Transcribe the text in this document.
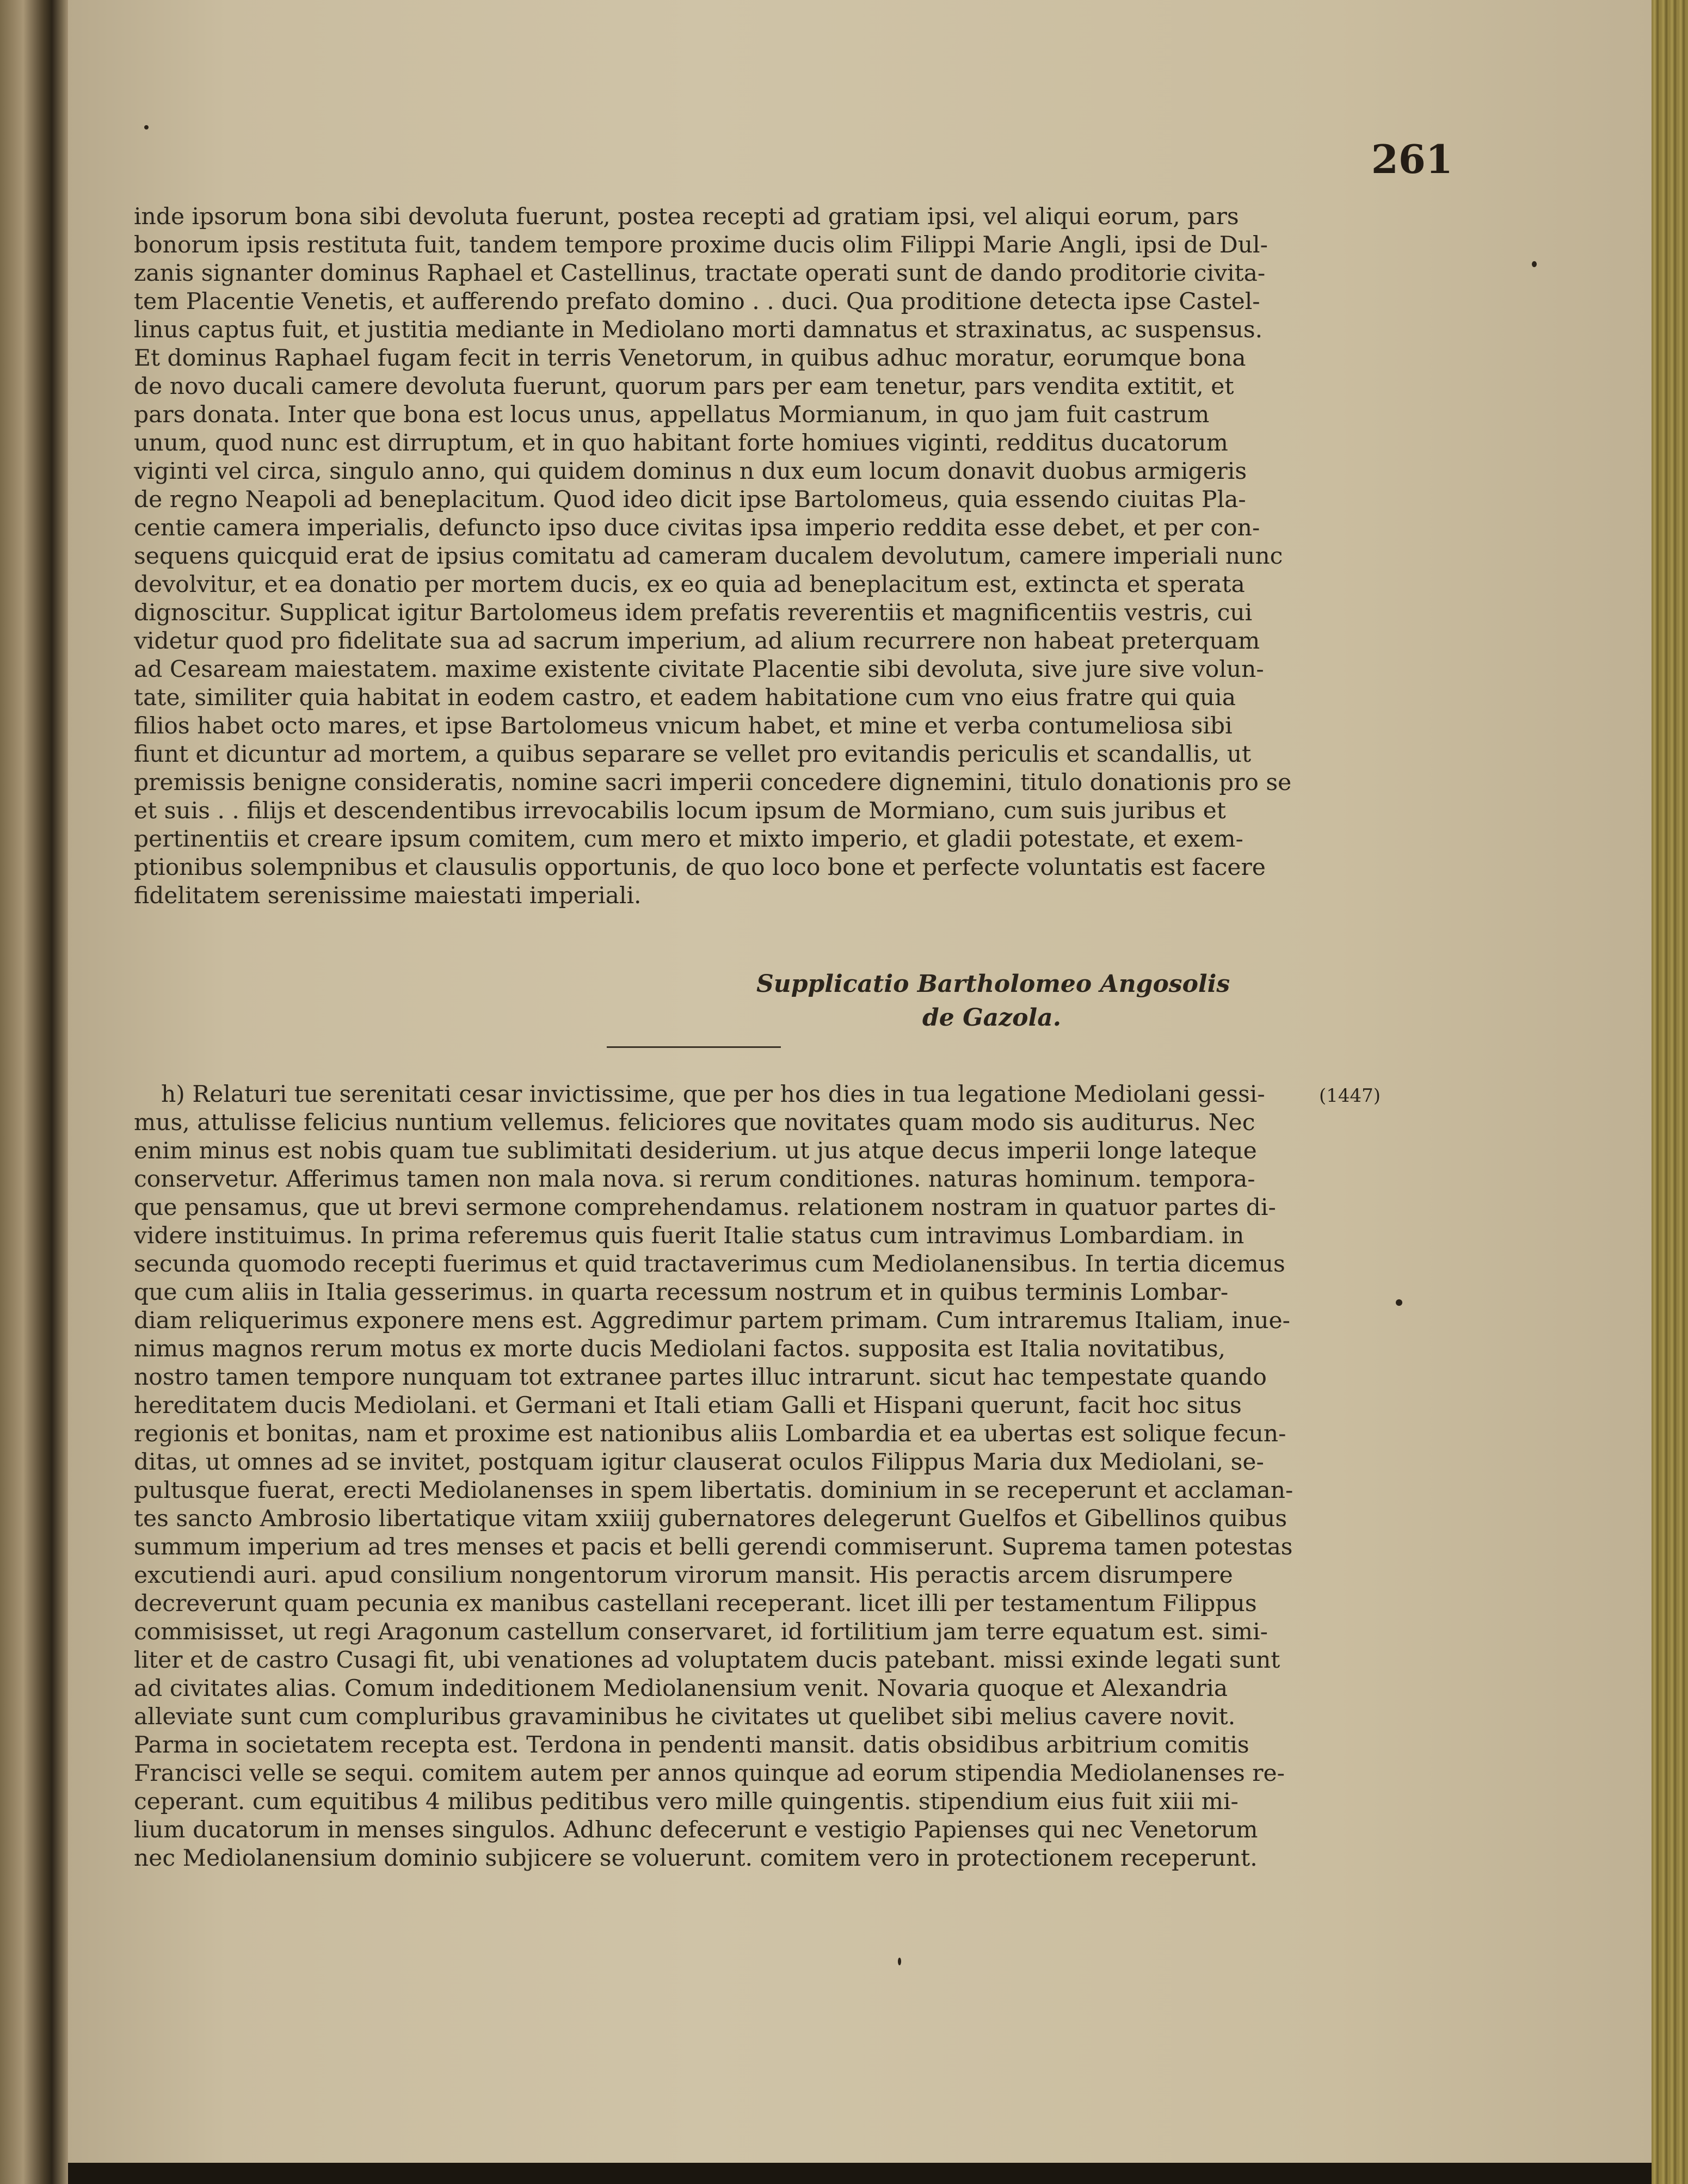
261
inde ipsorum bona sibi devoluta fuerunt, postea recepti ad gratiam ipsi, vel aliqui eorum, pars
bonorum ipsis restituta fuit, tandem tempore proxime ducis olim Filippi Marie Angli, ipsi de Dul-
zanis signanter dominus Raphael et Castellinus, tractate operati sunt de dando proditorie civita-
tem Placentie Venetis, et aufferendo prefato domino . . duci. Qua proditione detecta ipse Castel-
linus captus fuit, et justitia mediante in Mediolano morti damnatus et straxinatus, ac suspensus.
Et dominus Raphael fugam fecit in terris Venetorum, in quibus adhuc moratur, eorumque bona
de novo ducali camere devoluta fuerunt, quorum pars per eam tenetur, pars vendita extitit, et
pars donata. Inter que bona est locus unus, appellatus Mormianum, in quo jam fuit castrum
unum, quod nunc est dirruptum, et in quo habitant forte homiues viginti, redditus ducatorum
viginti vel circa, singulo anno, qui quidem dominus n dux eum locum donavit duobus armigeris
de regno Neapoli ad beneplacitum. Quod ideo dicit ipse Bartolomeus, quia essendo ciuitas Pla-
centie camera imperialis, defuncto ipso duce civitas ipsa imperio reddita esse debet, et per con-
sequens quicquid erat de ipsius comitatu ad cameram ducalem devolutum, camere imperiali nunc
devolvitur, et ea donatio per mortem ducis, ex eo quia ad beneplacitum est, extincta et sperata
dignoscitur. Supplicat igitur Bartolomeus idem prefatis reverentiis et magnificentiis vestris, cui
videtur quod pro fidelitate sua ad sacrum imperium, ad alium recurrere non habeat preterquam
ad Cesaream maiestatem. maxime existente civitate Placentie sibi devoluta, sive jure sive volun-
tate, similiter quia habitat in eodem castro, et eadem habitatione cum vno eius fratre qui quia
filios habet octo mares, et ipse Bartolomeus vnicum habet, et mine et verba contumeliosa sibi
fiunt et dicuntur ad mortem, a quibus separare se vellet pro evitandis periculis et scandallis, ut
premissis benigne consideratis, nomine sacri imperii concedere dignemini, titulo donationis pro se
et suis . . filijs et descendentibus irrevocabilis locum ipsum de Mormiano, cum suis juribus et
pertinentiis et creare ipsum comitem, cum mero et mixto imperio, et gladii potestate, et exem-
ptionibus solempnibus et clausulis opportunis, de quo loco bone et perfecte voluntatis est facere
fidelitatem serenissime maiestati imperiali.
Supplicatio Bartholomeo Angosolis
de Gazola.
(1447)
h) Relaturi tue serenitati cesar invictissime, que per hos dies in tua legatione Mediolani gessi-
mus, attulisse felicius nuntium vellemus. feliciores que novitates quam modo sis auditurus. Nec
enim minus est nobis quam tue sublimitati desiderium. ut jus atque decus imperii longe lateque
conservetur. Afferimus tamen non mala nova. si rerum conditiones. naturas hominum. tempora-
que pensamus, que ut brevi sermone comprehendamus. relationem nostram in quatuor partes di-
videre instituimus. In prima referemus quis fuerit Italie status cum intravimus Lombardiam. in
secunda quomodo recepti fuerimus et quid tractaverimus cum Mediolanensibus. In tertia dicemus
que cum aliis in Italia gesserimus. in quarta recessum nostrum et in quibus terminis Lombar-
diam reliquerimus exponere mens est. Aggredimur partem primam. Cum intraremus Italiam, inue-
nimus magnos rerum motus ex morte ducis Mediolani factos. supposita est Italia novitatibus,
nostro tamen tempore nunquam tot extranee partes illuc intrarunt. sicut hac tempestate quando
hereditatem ducis Mediolani. et Germani et Itali etiam Galli et Hispani querunt, facit hoc situs
regionis et bonitas, nam et proxime est nationibus aliis Lombardia et ea ubertas est solique fecun-
ditas, ut omnes ad se invitet, postquam igitur clauserat oculos Filippus Maria dux Mediolani, se-
pultusque fuerat, erecti Mediolanenses in spem libertatis. dominium in se receperunt et acclaman-
tes sancto Ambrosio libertatique vitam xxiiij gubernatores delegerunt Guelfos et Gibellinos quibus
summum imperium ad tres menses et pacis et belli gerendi commiserunt. Suprema tamen potestas
excutiendi auri. apud consilium nongentorum virorum mansit. His peractis arcem disrumpere
decreverunt quam pecunia ex manibus castellani receperant. licet illi per testamentum Filippus
commisisset, ut regi Aragonum castellum conservaret, id fortilitium jam terre equatum est. simi-
liter et de castro Cusagi fit, ubi venationes ad voluptatem ducis patebant. missi exinde legati sunt
ad civitates alias. Comum indeditionem Mediolanensium venit. Novaria quoque et Alexandria
alleviate sunt cum compluribus gravaminibus he civitates ut quelibet sibi melius cavere novit.
Parma in societatem recepta est. Terdona in pendenti mansit. datis obsidibus arbitrium comitis
Francisci velle se sequi. comitem autem per annos quinque ad eorum stipendia Mediolanenses re-
ceperant. cum equitibus 4 milibus peditibus vero mille quingentis. stipendium eius fuit xiii mi-
lium ducatorum in menses singulos. Adhunc defecerunt e vestigio Papienses qui nec Venetorum
nec Mediolanensium dominio subjicere se voluerunt. comitem vero in protectionem receperunt.
